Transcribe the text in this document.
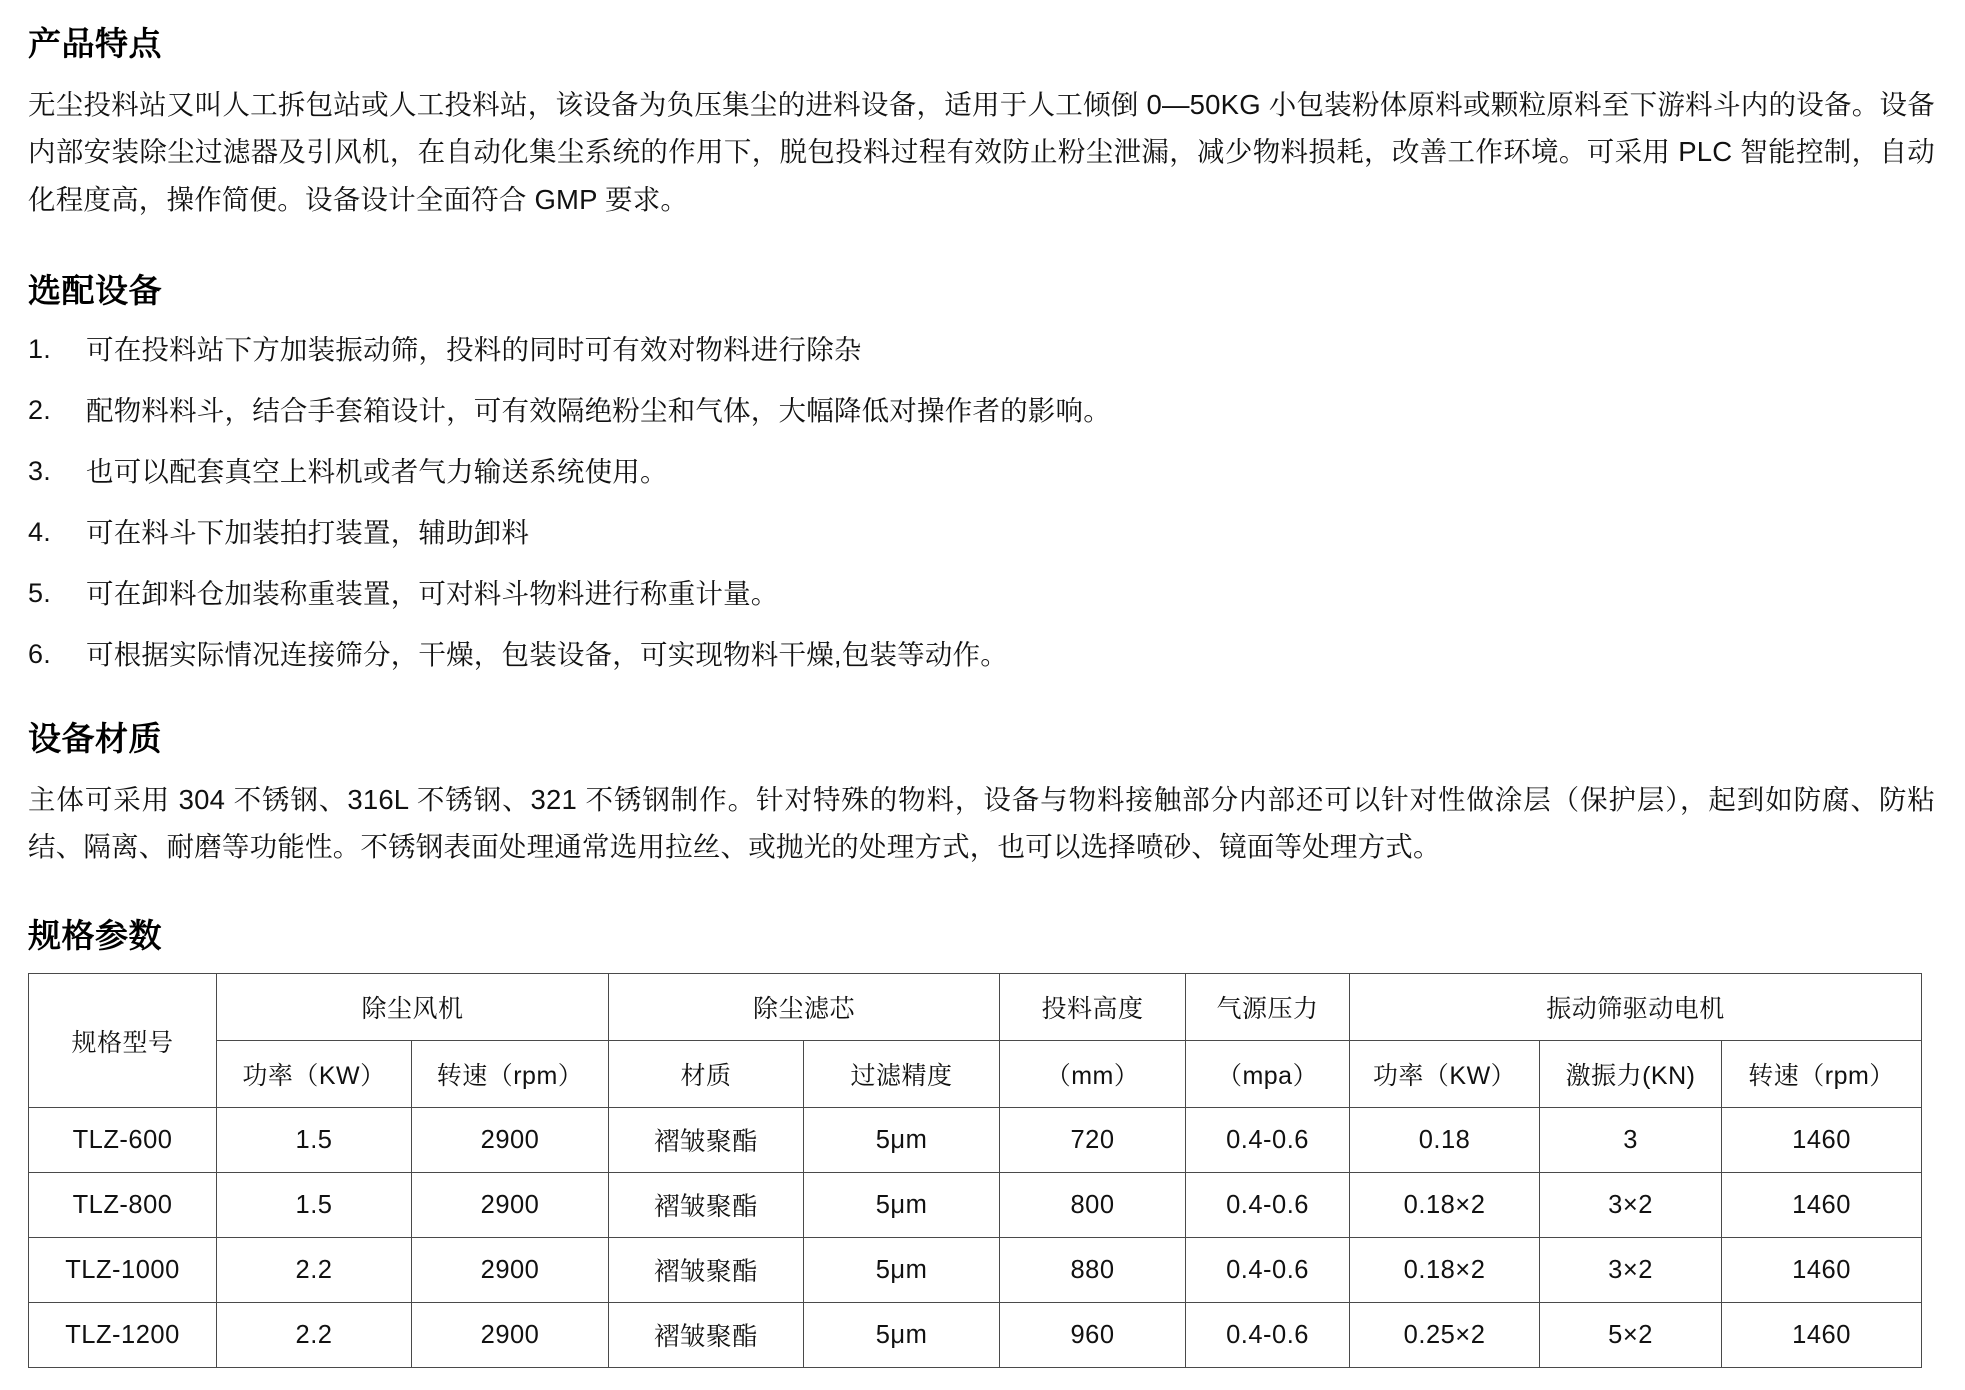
产品特点

无尘投料站又叫人工拆包站或人工投料站，该设备为负压集尘的进料设备，适用于人工倾倒 0—50KG 小包装粉体原料或颗粒原料至下游料斗内的设备。设备内部安装除尘过滤器及引风机，在自动化集尘系统的作用下，脱包投料过程有效防止粉尘泄漏，减少物料损耗，改善工作环境。可采用 PLC 智能控制，自动化程度高，操作简便。设备设计全面符合 GMP 要求。

选配设备
1.	可在投料站下方加装振动筛，投料的同时可有效对物料进行除杂
2.	配物料料斗，结合手套箱设计，可有效隔绝粉尘和气体，大幅降低对操作者的影响。
3.	也可以配套真空上料机或者气力输送系统使用。
4.	可在料斗下加装拍打装置，辅助卸料
5.	可在卸料仓加装称重装置，可对料斗物料进行称重计量。
6.	可根据实际情况连接筛分，干燥，包装设备，可实现物料干燥,包装等动作。
设备材质

主体可采用 304 不锈钢、316L 不锈钢、321 不锈钢制作。针对特殊的物料，设备与物料接触部分内部还可以针对性做涂层（保护层），起到如防腐、防粘结、隔离、耐磨等功能性。不锈钢表面处理通常选用拉丝、或抛光的处理方式，也可以选择喷砂、镜面等处理方式。

规格参数
规格型号	除尘风机		除尘滤芯		投料高度	气源压力	振动筛驱动电机		
	功率（KW）	转速（rpm）	材质	过滤精度	（mm）	（mpa）	功率（KW）	激振力(KN)	转速（rpm）
TLZ-600	1.5	2900	褶皱聚酯	5μm	720	0.4-0.6	0.18	3	1460
TLZ-800	1.5	2900	褶皱聚酯	5μm	800	0.4-0.6	0.18×2	3×2	1460
TLZ-1000	2.2	2900	褶皱聚酯	5μm	880	0.4-0.6	0.18×2	3×2	1460
TLZ-1200	2.2	2900	褶皱聚酯	5μm	960	0.4-0.6	0.25×2	5×2	1460
